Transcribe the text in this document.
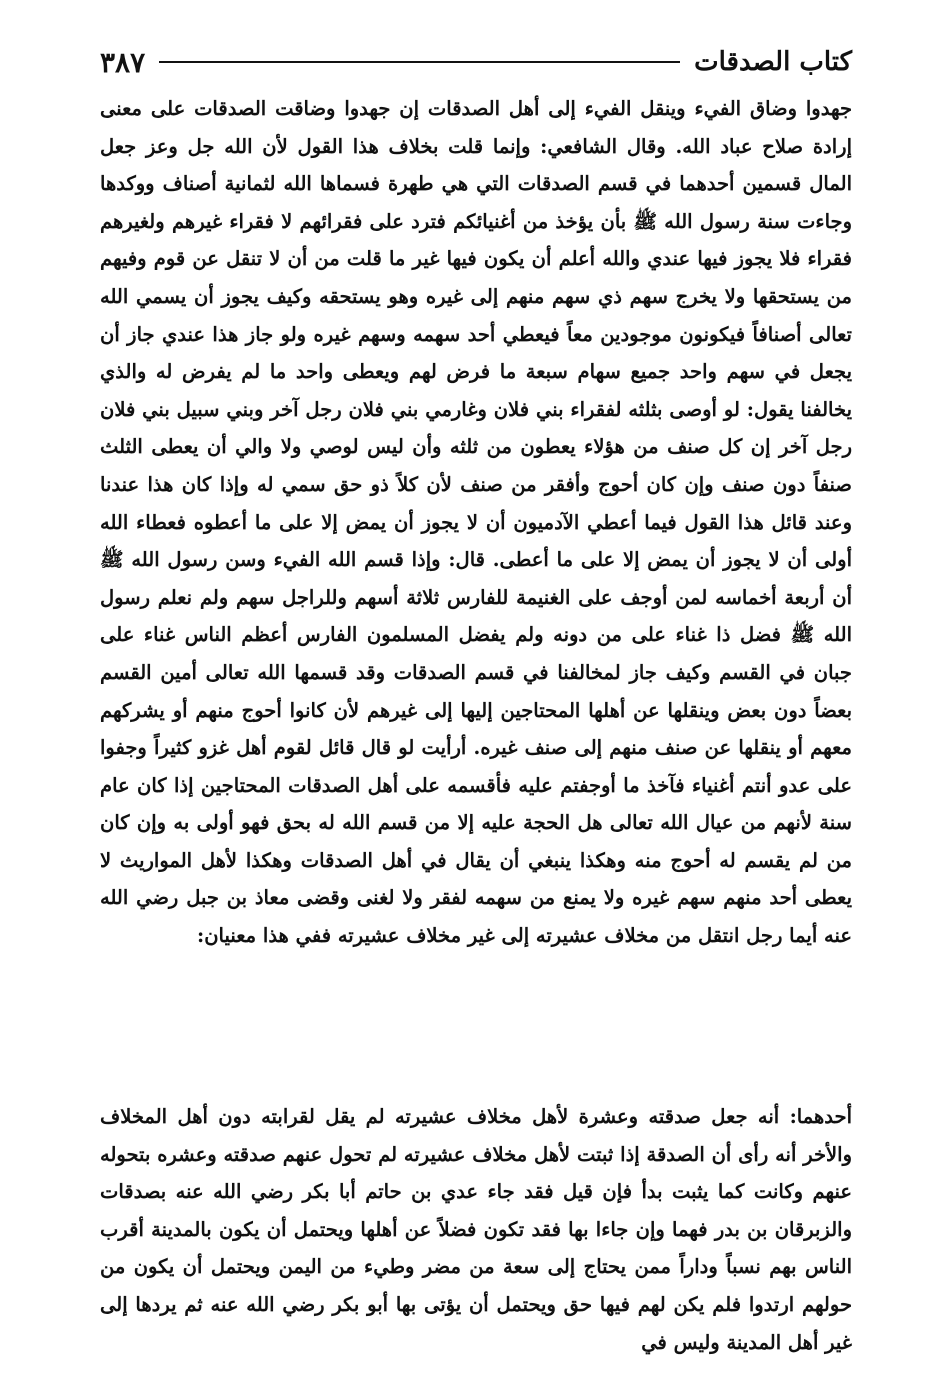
كتاب الصدقات
٣٨٧

جهدوا وضاق الفيء وينقل الفيء إلى أهل الصدقات إن جهدوا وضاقت الصدقات على معنى إرادة صلاح عباد الله. وقال الشافعي: وإنما قلت بخلاف هذا القول لأن الله جل وعز جعل المال قسمين أحدهما في قسم الصدقات التي هي طهرة فسماها الله لثمانية أصناف ووكدها وجاءت سنة رسول الله ﷺ بأن يؤخذ من أغنيائكم فترد على فقرائهم لا فقراء غيرهم ولغيرهم فقراء فلا يجوز فيها عندي والله أعلم أن يكون فيها غير ما قلت من أن لا تنقل عن قوم وفيهم من يستحقها ولا يخرج سهم ذي سهم منهم إلى غيره وهو يستحقه وكيف يجوز أن يسمي الله تعالى أصنافاً فيكونون موجودين معاً فيعطي أحد سهمه وسهم غيره ولو جاز هذا عندي جاز أن يجعل في سهم واحد جميع سهام سبعة ما فرض لهم ويعطى واحد ما لم يفرض له والذي يخالفنا يقول: لو أوصى بثلثه لفقراء بني فلان وغارمي بني فلان رجل آخر وبني سبيل بني فلان رجل آخر إن كل صنف من هؤلاء يعطون من ثلثه وأن ليس لوصي ولا والي أن يعطى الثلث صنفاً دون صنف وإن كان أحوج وأفقر من صنف لأن كلاً ذو حق سمي له وإذا كان هذا عندنا وعند قائل هذا القول فيما أعطي الآدميون أن لا يجوز أن يمض إلا على ما أعطوه فعطاء الله أولى أن لا يجوز أن يمض إلا على ما أعطى. قال: وإذا قسم الله الفيء وسن رسول الله ﷺ أن أربعة أخماسه لمن أوجف على الغنيمة للفارس ثلاثة أسهم وللراجل سهم ولم نعلم رسول الله ﷺ فضل ذا غناء على من دونه ولم يفضل المسلمون الفارس أعظم الناس غناء على جبان في القسم وكيف جاز لمخالفنا في قسم الصدقات وقد قسمها الله تعالى أمين القسم بعضاً دون بعض وينقلها عن أهلها المحتاجين إليها إلى غيرهم لأن كانوا أحوج منهم أو يشركهم معهم أو ينقلها عن صنف منهم إلى صنف غيره. أرأيت لو قال قائل لقوم أهل غزو كثيراً وجفوا على عدو أنتم أغنياء فآخذ ما أوجفتم عليه فأقسمه على أهل الصدقات المحتاجين إذا كان عام سنة لأنهم من عيال الله تعالى هل الحجة عليه إلا من قسم الله له بحق فهو أولى به وإن كان من لم يقسم له أحوج منه وهكذا ينبغي أن يقال في أهل الصدقات وهكذا لأهل المواريث لا يعطى أحد منهم سهم غيره ولا يمنع من سهمه لفقر ولا لغنى وقضى معاذ بن جبل رضي الله عنه أيما رجل انتقل من مخلاف عشيرته إلى غير مخلاف عشيرته ففي هذا معنيان:

أحدهما: أنه جعل صدقته وعشرة لأهل مخلاف عشيرته لم يقل لقرابته دون أهل المخلاف والأخر أنه رأى أن الصدقة إذا ثبتت لأهل مخلاف عشيرته لم تحول عنهم صدقته وعشره بتحوله عنهم وكانت كما يثبت بدأ فإن قيل فقد جاء عدي بن حاتم أبا بكر رضي الله عنه بصدقات والزبرقان بن بدر فهما وإن جاءا بها فقد تكون فضلاً عن أهلها ويحتمل أن يكون بالمدينة أقرب الناس بهم نسباً وداراً ممن يحتاج إلى سعة من مضر وطيء من اليمن ويحتمل أن يكون من حولهم ارتدوا فلم يكن لهم فيها حق ويحتمل أن يؤتى بها أبو بكر رضي الله عنه ثم يردها إلى غير أهل المدينة وليس في
